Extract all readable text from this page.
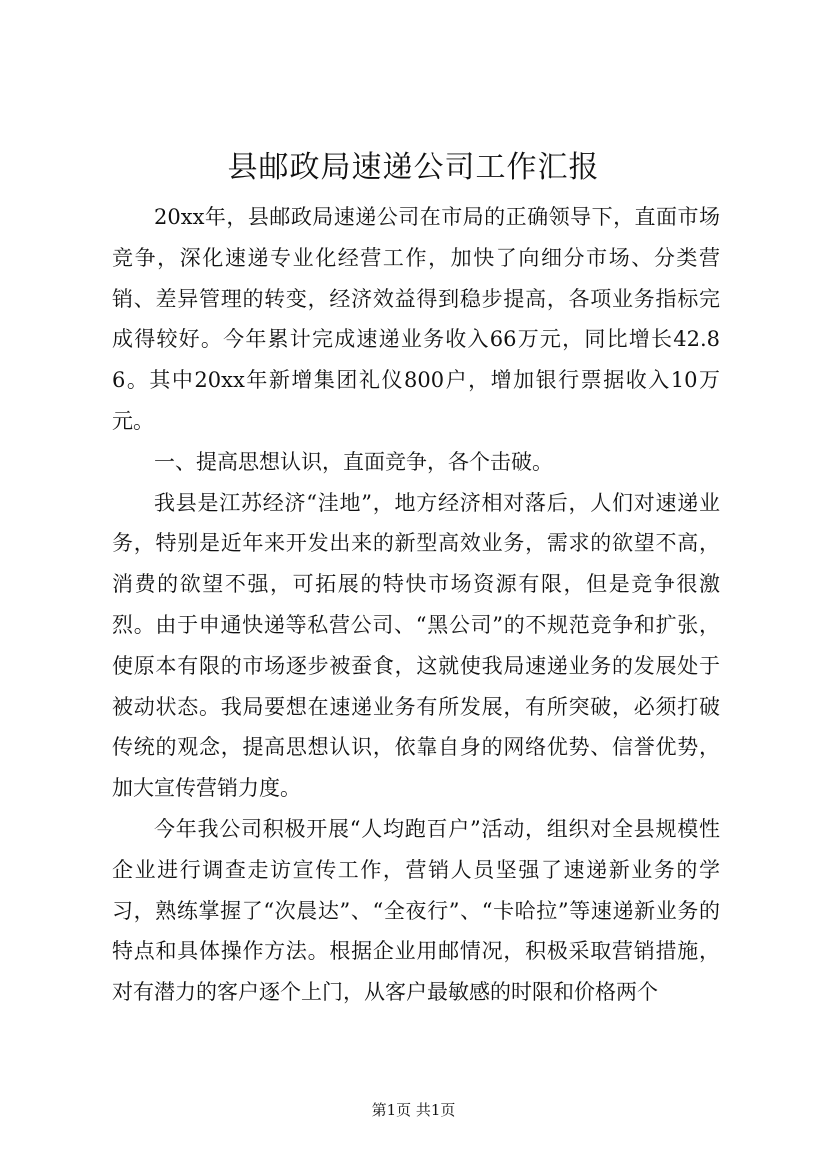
县邮政局速递公司工作汇报

20xx年，县邮政局速递公司在市局的正确领导下，直面市场竞争，深化速递专业化经营工作，加快了向细分市场、分类营销、差异管理的转变，经济效益得到稳步提高，各项业务指标完成得较好。今年累计完成速递业务收入66万元，同比增长42.86。其中20xx年新增集团礼仪800户，增加银行票据收入10万元。

一、提高思想认识，直面竞争，各个击破。

我县是江苏经济“洼地”，地方经济相对落后，人们对速递业务，特别是近年来开发出来的新型高效业务，需求的欲望不高，消费的欲望不强，可拓展的特快市场资源有限，但是竞争很激烈。由于申通快递等私营公司、“黑公司”的不规范竞争和扩张，使原本有限的市场逐步被蚕食，这就使我局速递业务的发展处于被动状态。我局要想在速递业务有所发展，有所突破，必须打破传统的观念，提高思想认识，依靠自身的网络优势、信誉优势，加大宣传营销力度。

今年我公司积极开展“人均跑百户”活动，组织对全县规模性企业进行调查走访宣传工作，营销人员坚强了速递新业务的学习，熟练掌握了“次晨达”、“全夜行”、“卡哈拉”等速递新业务的特点和具体操作方法。根据企业用邮情况，积极采取营销措施，对有潜力的客户逐个上门，从客户最敏感的时限和价格两个

第1页 共1页
